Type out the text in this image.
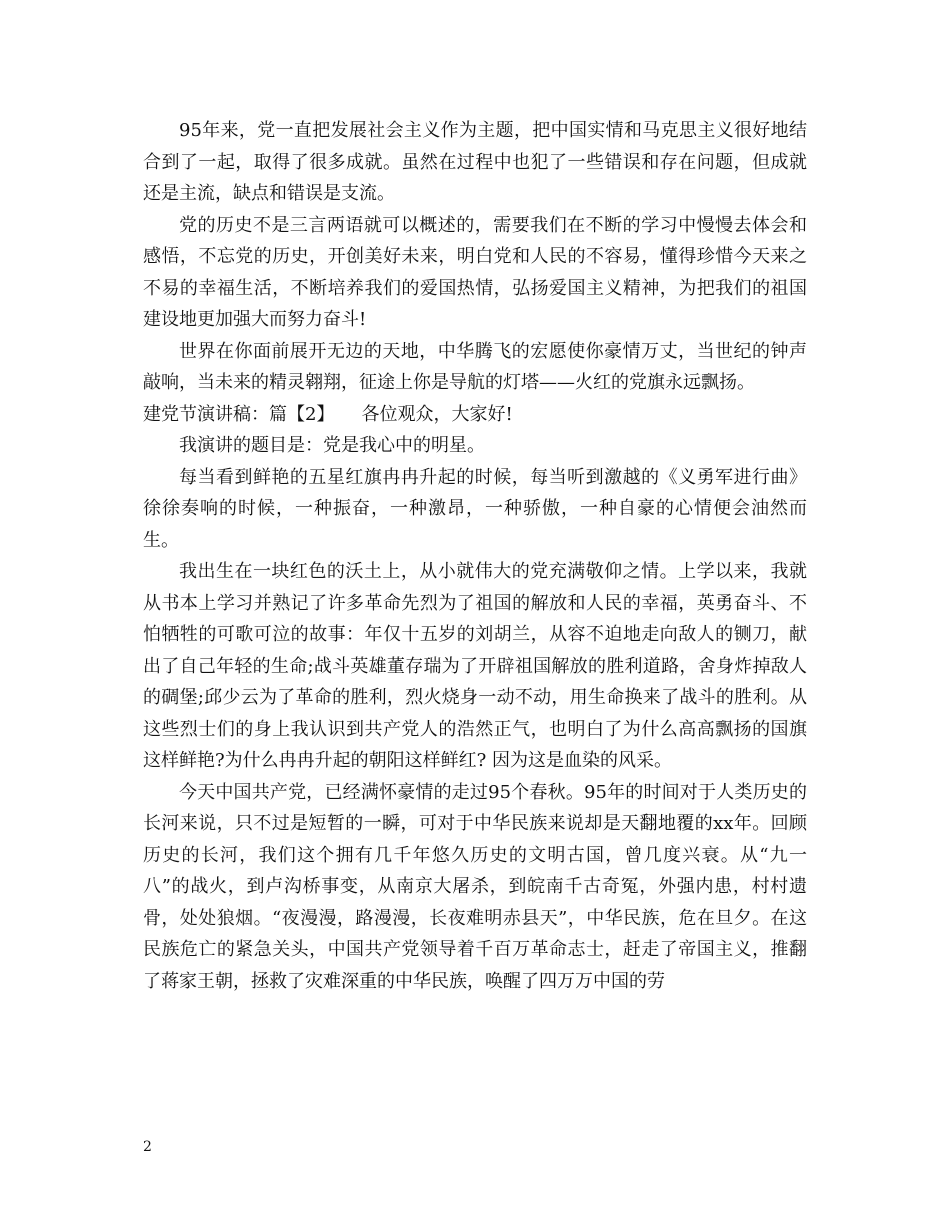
95年来，党一直把发展社会主义作为主题，把中国实情和马克思主义很好地结合到了一起，取得了很多成就。虽然在过程中也犯了一些错误和存在问题，但成就还是主流，缺点和错误是支流。

党的历史不是三言两语就可以概述的，需要我们在不断的学习中慢慢去体会和感悟，不忘党的历史，开创美好未来，明白党和人民的不容易，懂得珍惜今天来之不易的幸福生活，不断培养我们的爱国热情，弘扬爱国主义精神，为把我们的祖国建设地更加强大而努力奋斗!

世界在你面前展开无边的天地，中华腾飞的宏愿使你豪情万丈，当世纪的钟声敲响，当未来的精灵翱翔，征途上你是导航的灯塔——火红的党旗永远飘扬。

建党节演讲稿：篇【2】　　各位观众，大家好!

我演讲的题目是：党是我心中的明星。

每当看到鲜艳的五星红旗冉冉升起的时候，每当听到激越的《义勇军进行曲》徐徐奏响的时候，一种振奋，一种激昂，一种骄傲，一种自豪的心情便会油然而生。

我出生在一块红色的沃土上，从小就伟大的党充满敬仰之情。上学以来，我就从书本上学习并熟记了许多革命先烈为了祖国的解放和人民的幸福，英勇奋斗、不怕牺牲的可歌可泣的故事：年仅十五岁的刘胡兰，从容不迫地走向敌人的铡刀，献出了自己年轻的生命;战斗英雄董存瑞为了开辟祖国解放的胜利道路，舍身炸掉敌人的碉堡;邱少云为了革命的胜利，烈火烧身一动不动，用生命换来了战斗的胜利。从这些烈士们的身上我认识到共产党人的浩然正气，也明白了为什么高高飘扬的国旗这样鲜艳?为什么冉冉升起的朝阳这样鲜红? 因为这是血染的风采。

今天中国共产党，已经满怀豪情的走过95个春秋。95年的时间对于人类历史的长河来说，只不过是短暂的一瞬，可对于中华民族来说却是天翻地覆的xx年。回顾历史的长河，我们这个拥有几千年悠久历史的文明古国，曾几度兴衰。从“九一八”的战火，到卢沟桥事变，从南京大屠杀，到皖南千古奇冤，外强内患，村村遗骨，处处狼烟。“夜漫漫，路漫漫，长夜难明赤县天”，中华民族，危在旦夕。在这民族危亡的紧急关头，中国共产党领导着千百万革命志士，赶走了帝国主义，推翻了蒋家王朝，拯救了灾难深重的中华民族，唤醒了四万万中国的劳

2
